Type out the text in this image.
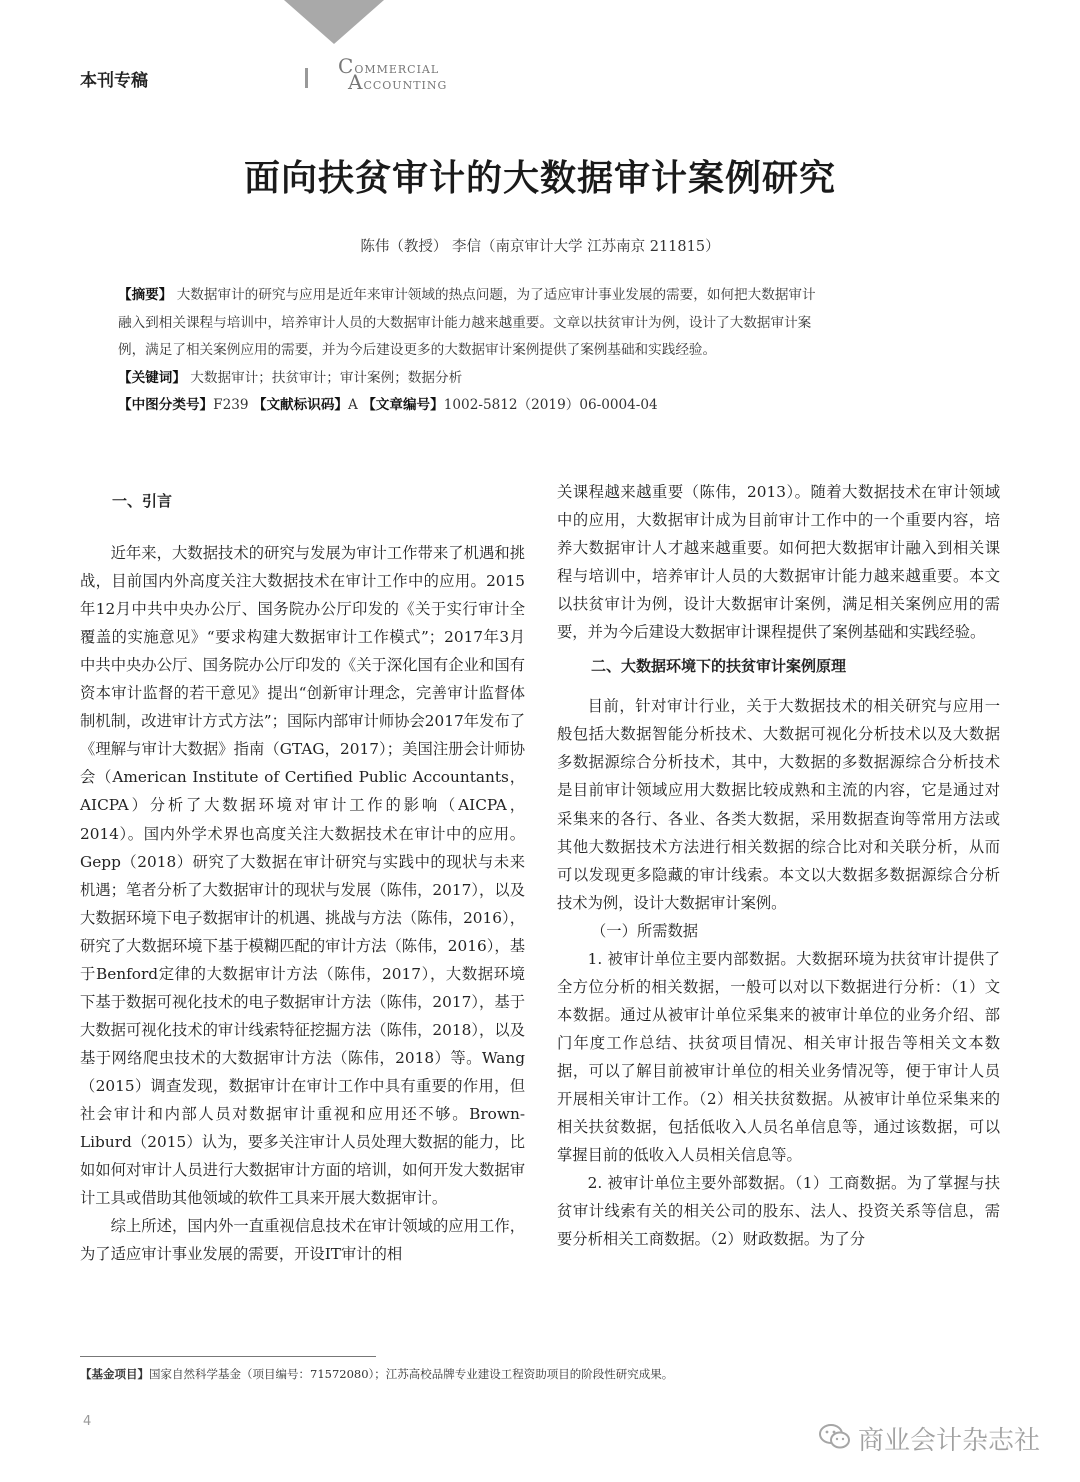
本刊专稿
COMMERCIAL
ACCOUNTING
面向扶贫审计的大数据审计案例研究
陈伟（教授） 李信（南京审计大学 江苏南京 211815）
【摘要】 大数据审计的研究与应用是近年来审计领域的热点问题，为了适应审计事业发展的需要，如何把大数据审计
融入到相关课程与培训中，培养审计人员的大数据审计能力越来越重要。文章以扶贫审计为例，设计了大数据审计案
例，满足了相关案例应用的需要，并为今后建设更多的大数据审计案例提供了案例基础和实践经验。
【关键词】 大数据审计；扶贫审计；审计案例；数据分析
【中图分类号】F239 【文献标识码】A 【文章编号】1002-5812（2019）06-0004-04
一、引言

近年来，大数据技术的研究与发展为审计工作带来了机遇和挑战，目前国内外高度关注大数据技术在审计工作中的应用。2015年12月中共中央办公厅、国务院办公厅印发的《关于实行审计全覆盖的实施意见》“要求构建大数据审计工作模式”；2017年3月中共中央办公厅、国务院办公厅印发的《关于深化国有企业和国有资本审计监督的若干意见》提出“创新审计理念，完善审计监督体制机制，改进审计方式方法”；国际内部审计师协会2017年发布了《理解与审计大数据》指南（GTAG，2017）；美国注册会计师协会（American Institute of Certified Public Accountants，AICPA）分析了大数据环境对审计工作的影响（AICPA，2014）。国内外学术界也高度关注大数据技术在审计中的应用。Gepp（2018）研究了大数据在审计研究与实践中的现状与未来机遇；笔者分析了大数据审计的现状与发展（陈伟，2017），以及大数据环境下电子数据审计的机遇、挑战与方法（陈伟，2016），研究了大数据环境下基于模糊匹配的审计方法（陈伟，2016），基于Benford定律的大数据审计方法（陈伟，2017），大数据环境下基于数据可视化技术的电子数据审计方法（陈伟，2017），基于大数据可视化技术的审计线索特征挖掘方法（陈伟，2018），以及基于网络爬虫技术的大数据审计方法（陈伟，2018）等。Wang（2015）调查发现，数据审计在审计工作中具有重要的作用，但社会审计和内部人员对数据审计重视和应用还不够。Brown-Liburd（2015）认为，要多关注审计人员处理大数据的能力，比如如何对审计人员进行大数据审计方面的培训，如何开发大数据审计工具或借助其他领域的软件工具来开展大数据审计。

综上所述，国内外一直重视信息技术在审计领域的应用工作，为了适应审计事业发展的需要，开设IT审计的相

关课程越来越重要（陈伟，2013）。随着大数据技术在审计领域中的应用，大数据审计成为目前审计工作中的一个重要内容，培养大数据审计人才越来越重要。如何把大数据审计融入到相关课程与培训中，培养审计人员的大数据审计能力越来越重要。本文以扶贫审计为例，设计大数据审计案例，满足相关案例应用的需要，并为今后建设大数据审计课程提供了案例基础和实践经验。

二、大数据环境下的扶贫审计案例原理

目前，针对审计行业，关于大数据技术的相关研究与应用一般包括大数据智能分析技术、大数据可视化分析技术以及大数据多数据源综合分析技术，其中，大数据的多数据源综合分析技术是目前审计领域应用大数据比较成熟和主流的内容，它是通过对采集来的各行、各业、各类大数据，采用数据查询等常用方法或其他大数据技术方法进行相关数据的综合比对和关联分析，从而可以发现更多隐藏的审计线索。本文以大数据多数据源综合分析技术为例，设计大数据审计案例。

（一）所需数据

1. 被审计单位主要内部数据。大数据环境为扶贫审计提供了全方位分析的相关数据，一般可以对以下数据进行分析：（1）文本数据。通过从被审计单位采集来的被审计单位的业务介绍、部门年度工作总结、扶贫项目情况、相关审计报告等相关文本数据，可以了解目前被审计单位的相关业务情况等，便于审计人员开展相关审计工作。（2）相关扶贫数据。从被审计单位采集来的相关扶贫数据，包括低收入人员名单信息等，通过该数据，可以掌握目前的低收入人员相关信息等。

2. 被审计单位主要外部数据。（1）工商数据。为了掌握与扶贫审计线索有关的相关公司的股东、法人、投资关系等信息，需要分析相关工商数据。（2）财政数据。为了分

【基金项目】国家自然科学基金（项目编号：71572080）；江苏高校品牌专业建设工程资助项目的阶段性研究成果。
4
商业会计杂志社
